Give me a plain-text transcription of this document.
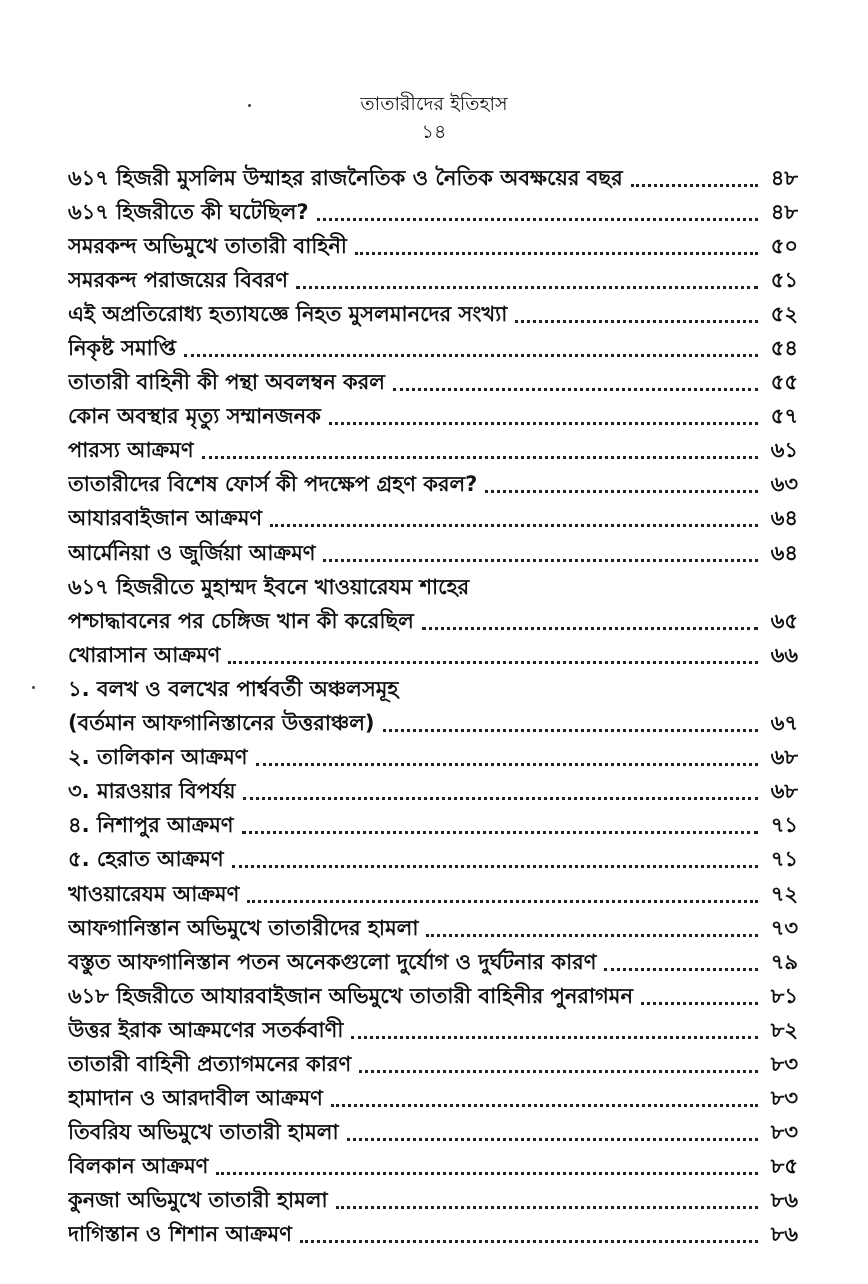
তাতারীদের ইতিহাস
১৪
৬১৭ হিজরী মুসলিম উম্মাহর রাজনৈতিক ও নৈতিক অবক্ষয়ের বছর	৪৮
৬১৭ হিজরীতে কী ঘটেছিল?	৪৮
সমরকন্দ অভিমুখে তাতারী বাহিনী	৫০
সমরকন্দ পরাজয়ের বিবরণ	৫১
এই অপ্রতিরোধ্য হত্যাযজ্ঞে নিহত মুসলমানদের সংখ্যা	৫২
নিকৃষ্ট সমাপ্তি	৫৪
তাতারী বাহিনী কী পন্থা অবলম্বন করল	৫৫
কোন অবস্থার মৃত্যু সম্মানজনক	৫৭
পারস্য আক্রমণ	৬১
তাতারীদের বিশেষ ফোর্স কী পদক্ষেপ গ্রহণ করল?	৬৩
আযারবাইজান আক্রমণ	৬৪
আর্মেনিয়া ও জুর্জিয়া আক্রমণ	৬৪
৬১৭ হিজরীতে মুহাম্মদ ইবনে খাওয়ারেযম শাহের
পশ্চাদ্ধাবনের পর চেঙ্গিজ খান কী করেছিল	৬৫
খোরাসান আক্রমণ	৬৬
১. বলখ ও বলখের পার্শ্ববর্তী অঞ্চলসমূহ
(বর্তমান আফগানিস্তানের উত্তরাঞ্চল)	৬৭
২. তালিকান আক্রমণ	৬৮
৩. মারওয়ার বিপর্যয়	৬৮
৪. নিশাপুর আক্রমণ	৭১
৫. হেরাত আক্রমণ	৭১
খাওয়ারেযম আক্রমণ	৭২
আফগানিস্তান অভিমুখে তাতারীদের হামলা	৭৩
বস্তুত আফগানিস্তান পতন অনেকগুলো দুর্যোগ ও দুর্ঘটনার কারণ	৭৯
৬১৮ হিজরীতে আযারবাইজান অভিমুখে তাতারী বাহিনীর পুনরাগমন	৮১
উত্তর ইরাক আক্রমণের সতর্কবাণী	৮২
তাতারী বাহিনী প্রত্যাগমনের কারণ	৮৩
হামাদান ও আরদাবীল আক্রমণ	৮৩
তিবরিয অভিমুখে তাতারী হামলা	৮৩
বিলকান আক্রমণ	৮৫
কুনজা অভিমুখে তাতারী হামলা	৮৬
দাগিস্তান ও শিশান আক্রমণ	৮৬
